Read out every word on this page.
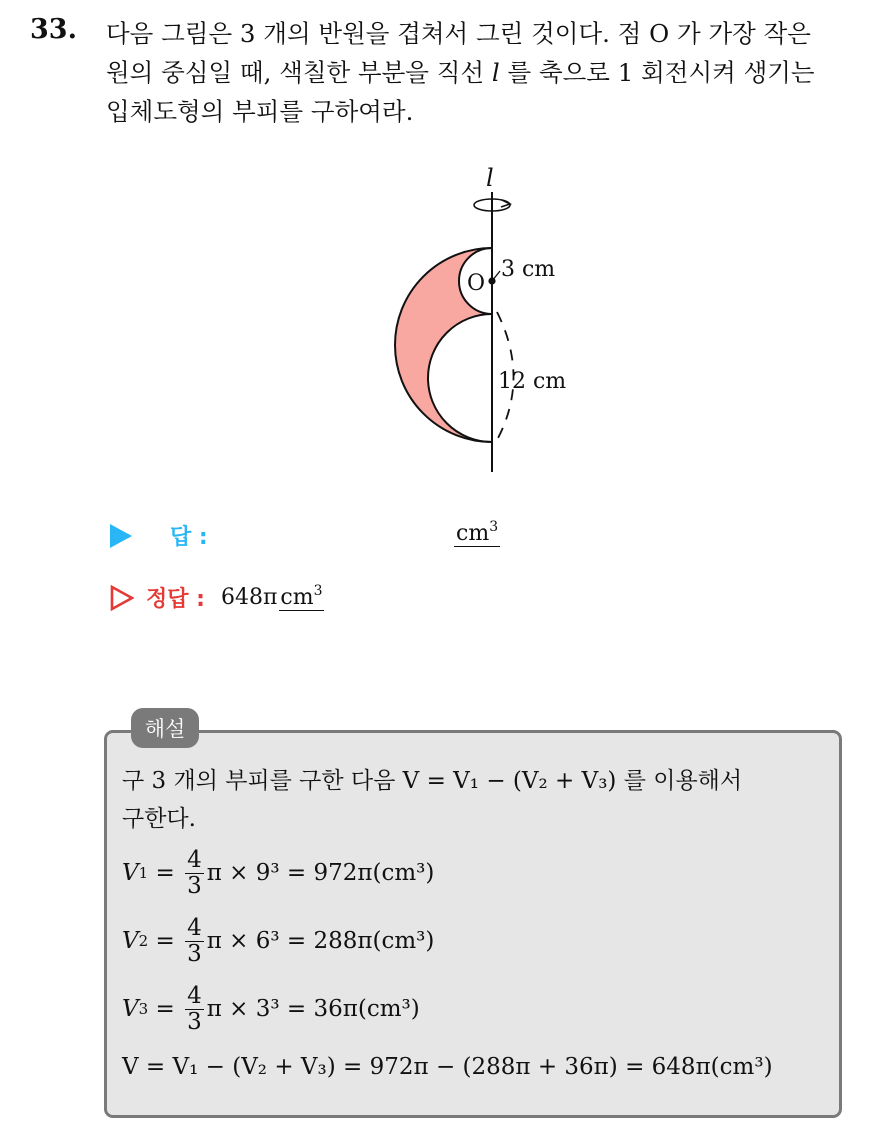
33. 다음 그림은 3 개의 반원을 겹쳐서 그린 것이다. 점 O 가 가장 작은
원의 중심일 때, 색칠한 부분을 직선 l 를 축으로 1 회전시켜 생기는
입체도형의 부피를 구하여라.
l
O
3 cm
12 cm
답 :	$cm^3$
정답 : 648π $cm^3$
해설
구 3 개의 부피를 구한 다음 V = V₁ − (V₂ + V₃) 를 이용해서
구한다.
V $1 = \frac{4}{3}$ π × 9³ = 972π(cm³)
V $2 = \frac{4}{3}$ π × 6³ = 288π(cm³)
V $3 = \frac{4}{3}$ π × 3³ = 36π(cm³)
V = V₁ − (V₂ + V₃) = 972π − (288π + 36π) = 648π(cm³)
